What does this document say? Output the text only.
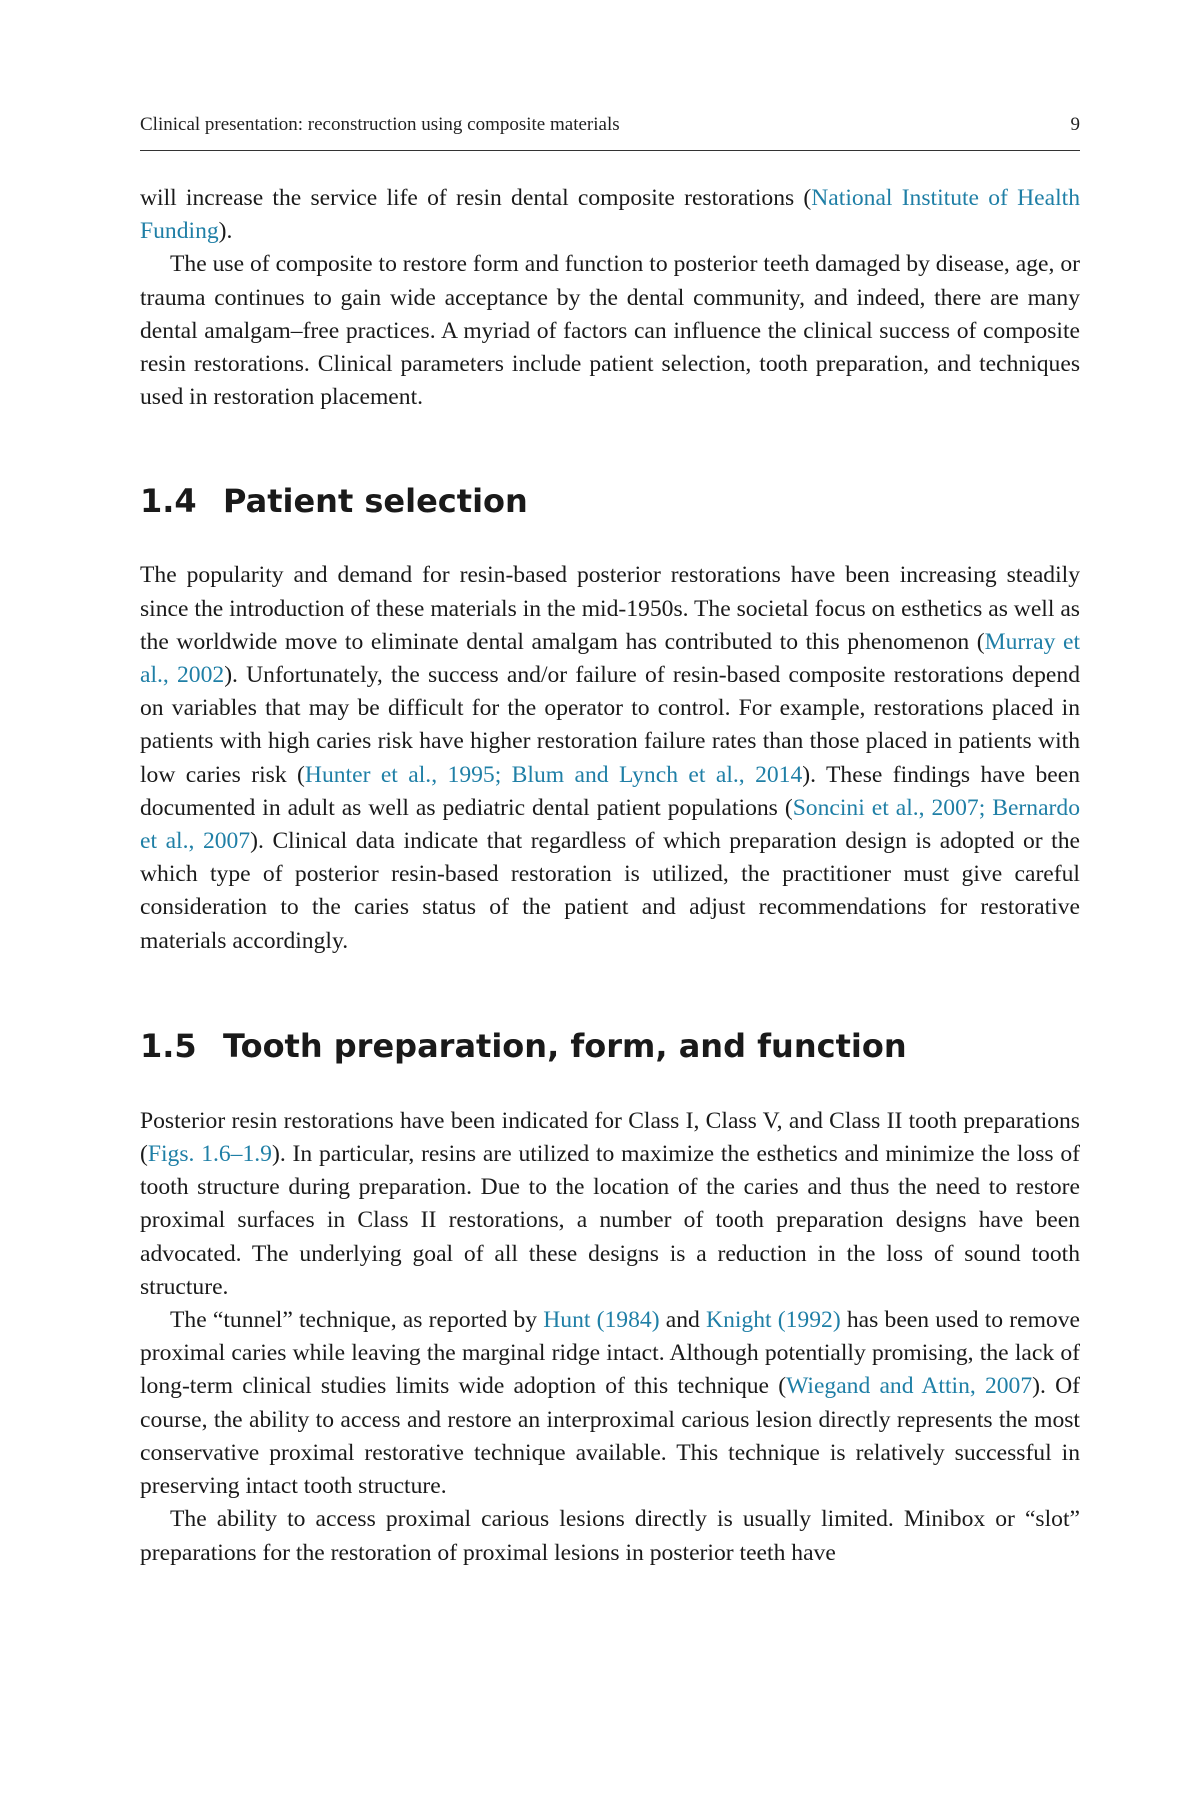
Clinical presentation: reconstruction using composite materials	9

will increase the service life of resin dental composite restorations (National Institute of Health Funding).

The use of composite to restore form and function to posterior teeth damaged by disease, age, or trauma continues to gain wide acceptance by the dental community, and indeed, there are many dental amalgam–free practices. A myriad of factors can influence the clinical success of composite resin restorations. Clinical parameters include patient selection, tooth preparation, and techniques used in restoration placement.

1.4 Patient selection

The popularity and demand for resin-based posterior restorations have been increasing steadily since the introduction of these materials in the mid-1950s. The societal focus on esthetics as well as the worldwide move to eliminate dental amalgam has contributed to this phenomenon (Murray et al., 2002). Unfortunately, the success and/or failure of resin-based composite restorations depend on variables that may be difficult for the operator to control. For example, restorations placed in patients with high caries risk have higher restoration failure rates than those placed in patients with low caries risk (Hunter et al., 1995; Blum and Lynch et al., 2014). These findings have been documented in adult as well as pediatric dental patient populations (Soncini et al., 2007; Bernardo et al., 2007). Clinical data indicate that regardless of which preparation design is adopted or the which type of posterior resin-based restoration is utilized, the practitioner must give careful consideration to the caries status of the patient and adjust recommendations for restorative materials accordingly.

1.5 Tooth preparation, form, and function

Posterior resin restorations have been indicated for Class I, Class V, and Class II tooth preparations (Figs. 1.6–1.9). In particular, resins are utilized to maximize the esthetics and minimize the loss of tooth structure during preparation. Due to the location of the caries and thus the need to restore proximal surfaces in Class II restorations, a number of tooth preparation designs have been advocated. The underlying goal of all these designs is a reduction in the loss of sound tooth structure.

The “tunnel” technique, as reported by Hunt (1984) and Knight (1992) has been used to remove proximal caries while leaving the marginal ridge intact. Although potentially promising, the lack of long-term clinical studies limits wide adoption of this technique (Wiegand and Attin, 2007). Of course, the ability to access and restore an interproximal carious lesion directly represents the most conservative proximal restorative technique available. This technique is relatively successful in preserving intact tooth structure.

The ability to access proximal carious lesions directly is usually limited. Minibox or “slot” preparations for the restoration of proximal lesions in posterior teeth have
